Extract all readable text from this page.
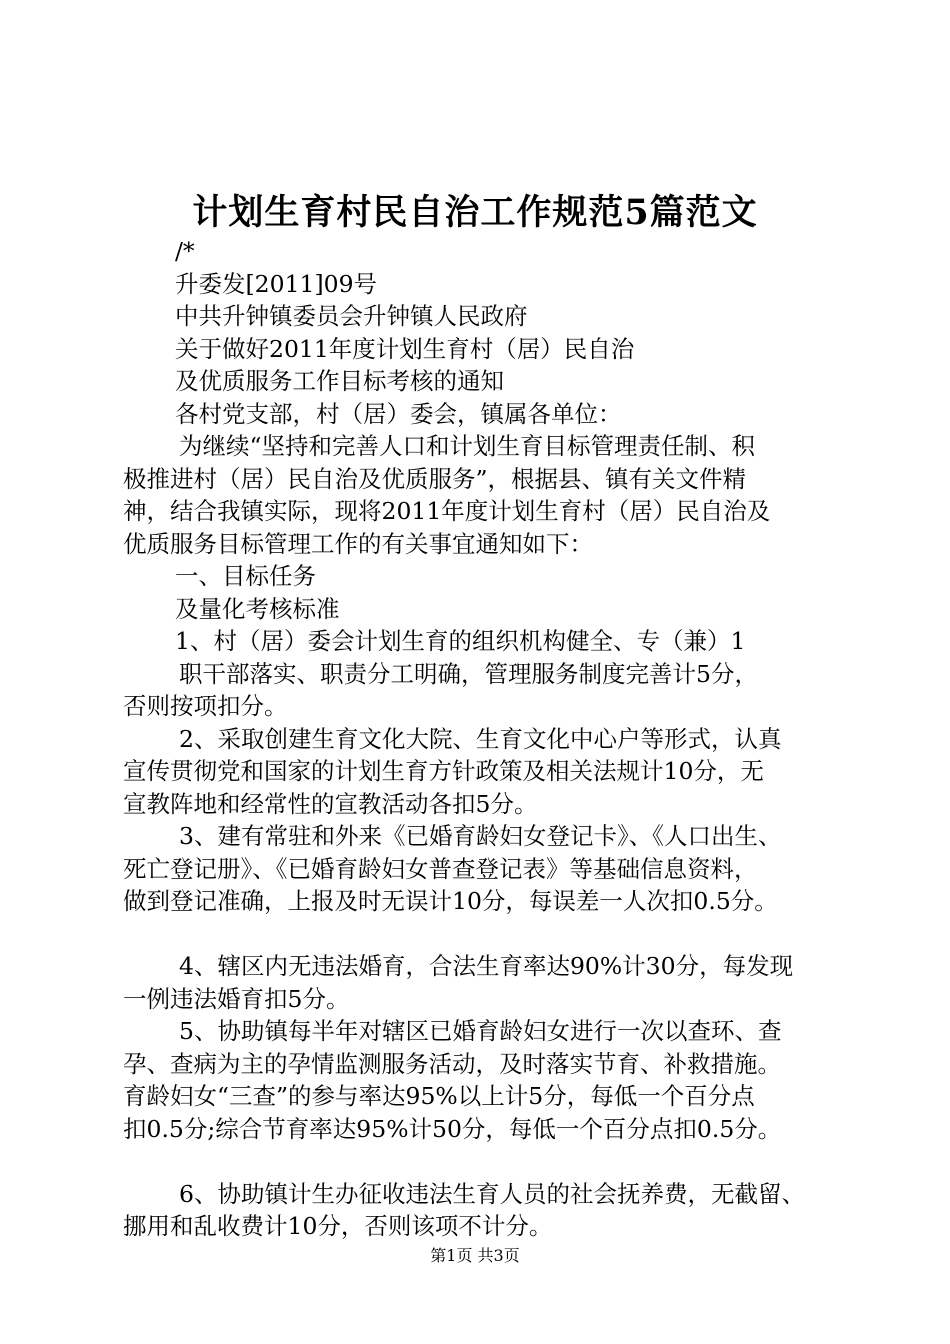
计划生育村民自治工作规范5篇范文
/*
升委发[2011]09号
中共升钟镇委员会升钟镇人民政府
关于做好2011年度计划生育村（居）民自治
及优质服务工作目标考核的通知
各村党支部，村（居）委会，镇属各单位：
为继续“坚持和完善人口和计划生育目标管理责任制、积
极推进村（居）民自治及优质服务”，根据县、镇有关文件精
神，结合我镇实际，现将2011年度计划生育村（居）民自治及
优质服务目标管理工作的有关事宜通知如下：
一、目标任务
及量化考核标准
1、村（居）委会计划生育的组织机构健全、专（兼）1
职干部落实、职责分工明确，管理服务制度完善计5分，
否则按项扣分。
2、采取创建生育文化大院、生育文化中心户等形式，认真
宣传贯彻党和国家的计划生育方针政策及相关法规计10分，无
宣教阵地和经常性的宣教活动各扣5分。
3、建有常驻和外来《已婚育龄妇女登记卡》、《人口出生、
死亡登记册》、《已婚育龄妇女普查登记表》等基础信息资料，
做到登记准确，上报及时无误计10分，每误差一人次扣0.5分。
4、辖区内无违法婚育，合法生育率达90%计30分，每发现
一例违法婚育扣5分。
5、协助镇每半年对辖区已婚育龄妇女进行一次以查环、查
孕、查病为主的孕情监测服务活动，及时落实节育、补救措施。
育龄妇女“三查”的参与率达95%以上计5分，每低一个百分点
扣0.5分;综合节育率达95%计50分，每低一个百分点扣0.5分。
6、协助镇计生办征收违法生育人员的社会抚养费，无截留、
挪用和乱收费计10分，否则该项不计分。
第1页 共3页
